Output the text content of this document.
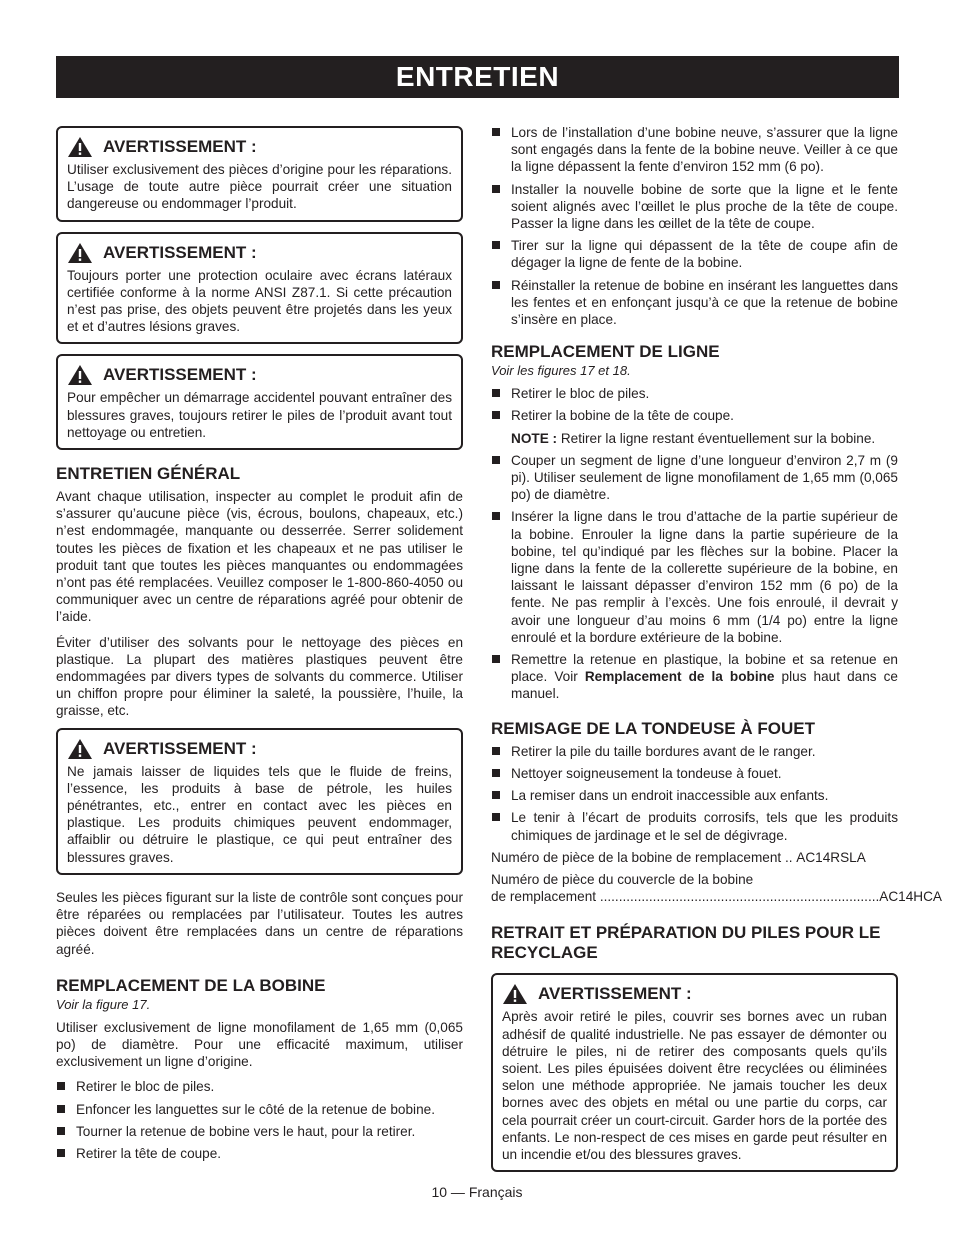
ENTRETIEN
AVERTISSEMENT :
Utiliser exclusivement des pièces d’origine pour les réparations. L’usage de toute autre pièce pourrait créer une situation dangereuse ou endommager l’produit.
AVERTISSEMENT :
Toujours porter une protection oculaire avec écrans latéraux certifiée conforme à la norme ANSI Z87.1. Si cette précaution n’est pas prise, des objets peuvent être projetés dans les yeux et et d’autres lésions graves.
AVERTISSEMENT :
Pour empêcher un démarrage accidentel pouvant entraîner des blessures graves, toujours retirer le piles de l’produit avant tout nettoyage ou entretien.
ENTRETIEN GÉNÉRAL

Avant chaque utilisation, inspecter au complet le produit afin de s’assurer qu’aucune pièce (vis, écrous, boulons, chapeaux, etc.) n’est endommagée, manquante ou desserrée. Serrer solidement toutes les pièces de fixation et les chapeaux et ne pas utiliser le produit tant que toutes les pièces manquantes ou endommagées n’ont pas été remplacées. Veuillez composer le 1-800-860-4050 ou communiquer avec un centre de réparations agréé pour obtenir de l’aide.

Éviter d’utiliser des solvants pour le nettoyage des pièces en plastique. La plupart des matières plastiques peuvent être endommagées par divers types de solvants du commerce. Utiliser un chiffon propre pour éliminer la saleté, la poussière, l’huile, la graisse, etc.

AVERTISSEMENT :
Ne jamais laisser de liquides tels que le fluide de freins, l’essence, les produits à base de pétrole, les huiles pénétrantes, etc., entrer en contact avec les pièces en plastique. Les produits chimiques peuvent endommager, affaiblir ou détruire le plastique, ce qui peut entraîner des blessures graves.

Seules les pièces figurant sur la liste de contrôle sont conçues pour être réparées ou remplacées par l’utilisateur. Toutes les autres pièces doivent être remplacées dans un centre de réparations agréé.

REMPLACEMENT DE LA BOBINE
Voir la figure 17.

Utiliser exclusivement de ligne monofilament de 1,65 mm (0,065 po) de diamètre. Pour une efficacité maximum, utiliser exclusivement un ligne d’origine.

Retirer le bloc de piles.
Enfoncer les languettes sur le côté de la retenue de bobine.
Tourner la retenue de bobine vers le haut, pour la retirer.
Retirer la tête de coupe.
Lors de l’installation d’une bobine neuve, s’assurer que la ligne sont engagés dans la fente de la bobine neuve. Veiller à ce que la ligne dépassent la fente d’environ 152 mm (6 po).
Installer la nouvelle bobine de sorte que la ligne et le fente soient alignés avec l’œillet le plus proche de la tête de coupe. Passer la ligne dans les œillet de la tête de coupe.
Tirer sur la ligne qui dépassent de la tête de coupe afin de dégager la ligne de fente de la bobine.
Réinstaller la retenue de bobine en insérant les languettes dans les fentes et en enfonçant jusqu’à ce que la retenue de bobine s’insère en place.
REMPLACEMENT DE LIGNE
Voir les figures 17 et 18.
Retirer le bloc de piles.
Retirer la bobine de la tête de coupe.
NOTE : Retirer la ligne restant éventuellement sur la bobine.
Couper un segment de ligne d’une longueur d’environ 2,7 m (9 pi). Utiliser seulement de ligne monofilament de 1,65 mm (0,065 po) de diamètre.
Insérer la ligne dans le trou d’attache de la partie supérieur de la bobine. Enrouler la ligne dans la partie supérieure de la bobine, tel qu’indiqué par les flèches sur la bobine. Placer la ligne dans la fente de la collerette supérieure de la bobine, en laissant le laissant dépasser d’environ 152 mm (6 po) de la fente. Ne pas remplir à l’excès. Une fois enroulé, il devrait y avoir une longueur d’au moins 6 mm (1/4 po) entre la ligne enroulé et la bordure extérieure de la bobine.
Remettre la retenue en plastique, la bobine et sa retenue en place. Voir Remplacement de la bobine plus haut dans ce manuel.
REMISAGE DE LA TONDEUSE À FOUET
Retirer la pile du taille bordures avant de le ranger.
Nettoyer soigneusement la tondeuse à fouet.
La remiser dans un endroit inaccessible aux enfants.
Le tenir à l’écart de produits corrosifs, tels que les produits chimiques de jardinage et le sel de dégivrage.
Numéro de pièce de la bobine de remplacement ..
AC14RSLA
Numéro de pièce du couvercle de la bobine
de remplacement .......................................................................... AC14HCA
RETRAIT ET PRÉPARATION DU PILES POUR LE RECYCLAGE
AVERTISSEMENT :
Après avoir retiré le piles, couvrir ses bornes avec un ruban adhésif de qualité industrielle. Ne pas essayer de démonter ou détruire le piles, ni de retirer des composants quels qu’ils soient. Les piles épuisées doivent être recyclées ou éliminées selon une méthode appropriée. Ne jamais toucher les deux bornes avec des objets en métal ou une partie du corps, car cela pourrait créer un court-circuit. Garder hors de la portée des enfants. Le non-respect de ces mises en garde peut résulter en un incendie et/ou des blessures graves.
10 — Français
